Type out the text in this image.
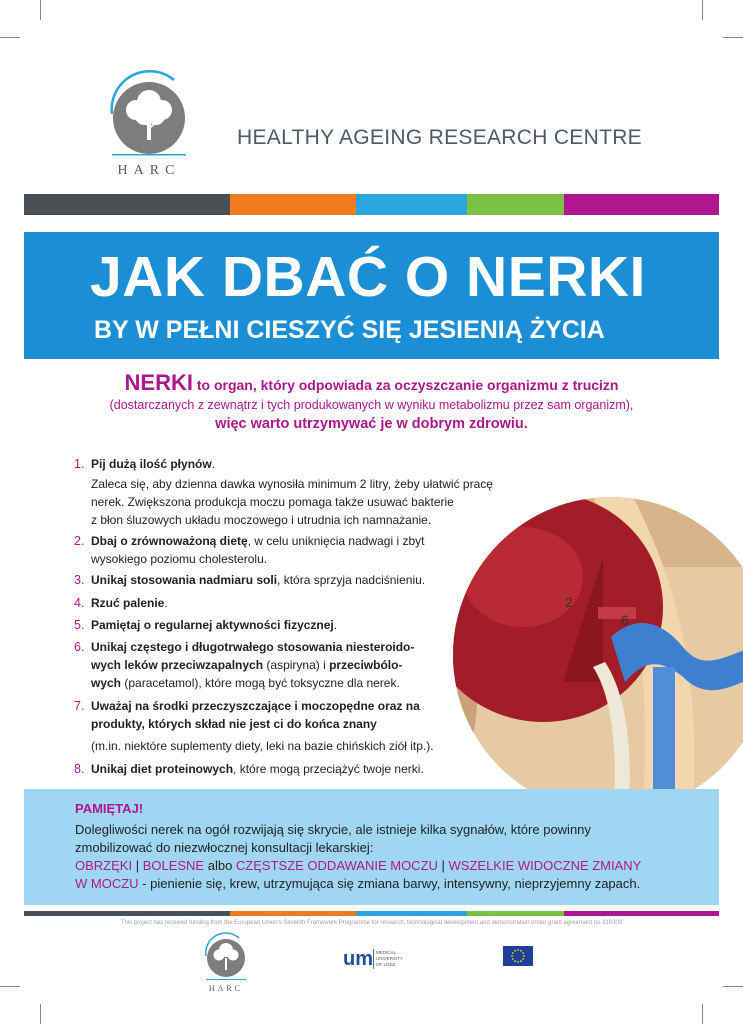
HARC
HEALTHY AGEING RESEARCH CENTRE
JAK DBAĆ O NERKI
BY W PEŁNI CIESZYĆ SIĘ JESIENIĄ ŻYCIA
NERKI to organ, który odpowiada za oczyszczanie organizmu z trucizn
(dostarczanych z zewnątrz i tych produkowanych w wyniku metabolizmu przez sam organizm),
więc warto utrzymywać je w dobrym zdrowiu.
2
6
1. Pij dużą ilość płynów.
Zaleca się, aby dzienna dawka wynosiła minimum 2 litry, żeby ułatwić pracę
nerek. Zwiększona produkcja moczu pomaga także usuwać bakterie
z błon śluzowych układu moczowego i utrudnia ich namnażanie.
2. Dbaj o zrównoważoną dietę, w celu uniknięcia nadwagi i zbyt
wysokiego poziomu cholesterolu.
3. Unikaj stosowania nadmiaru soli, która sprzyja nadciśnieniu.
4. Rzuć palenie.
5. Pamiętaj o regularnej aktywności fizycznej.
6. Unikaj częstego i długotrwałego stosowania niesteroido-
wych leków przeciwzapalnych (aspiryna) i przeciwbólo-
wych (paracetamol), które mogą być toksyczne dla nerek.
7. Uważaj na środki przeczyszczające i moczopędne oraz na
produkty, których skład nie jest ci do końca znany
(m.in. niektóre suplementy diety, leki na bazie chińskich ziół itp.).
8. Unikaj diet proteinowych, które mogą przeciążyć twoje nerki.
PAMIĘTAJ!
Dolegliwości nerek na ogół rozwijają się skrycie, ale istnieje kilka sygnałów, które powinny
zmobilizować do niezwłocznej konsultacji lekarskiej:
OBRZĘKI | BOLESNE albo CZĘSTSZE ODDAWANIE MOCZU | WSZELKIE WIDOCZNE ZMIANY
W MOCZU - pienienie się, krew, utrzymująca się zmiana barwy, intensywny, nieprzyjemny zapach.
This project has received funding from the European Union's Seventh Framework Programme for research, technological development and demonstration under grant agreement no 316300
HARC
um MEDICAL
UNIVERSITY
OF LODZ
